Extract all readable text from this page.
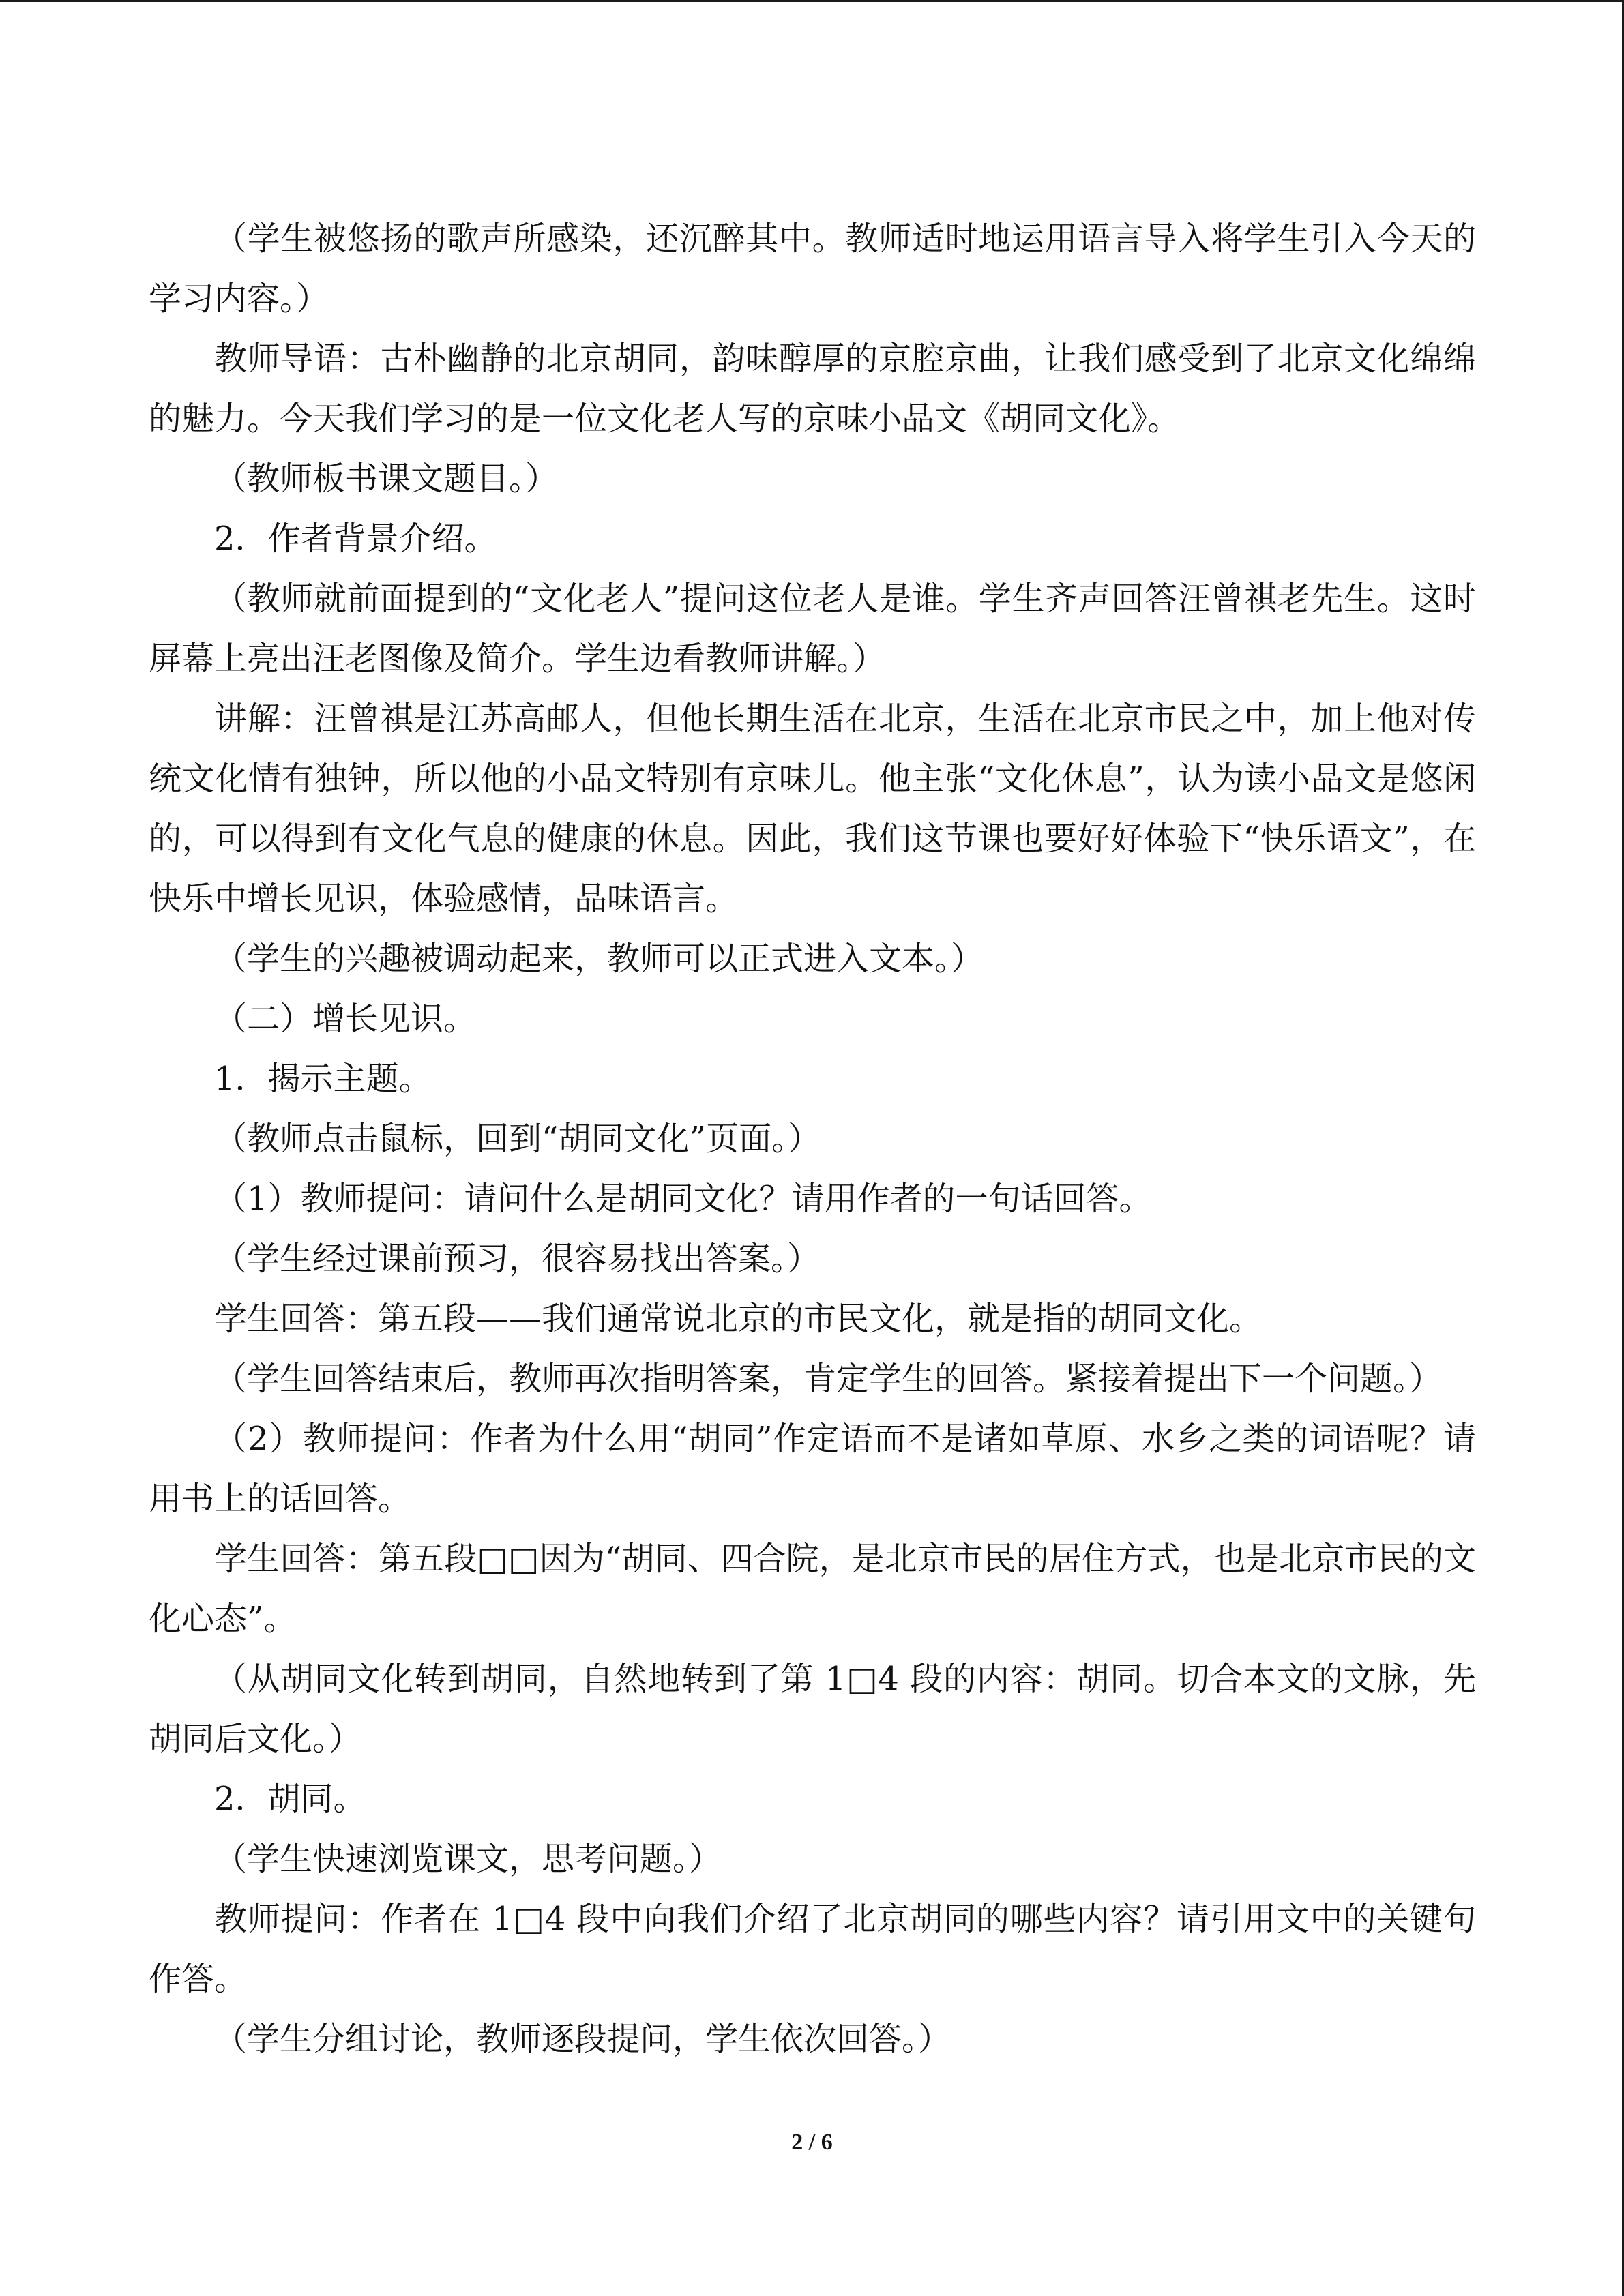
（学生被悠扬的歌声所感染，还沉醉其中。教师适时地运用语言导入将学生引入今天的学习内容。）

教师导语：古朴幽静的北京胡同，韵味醇厚的京腔京曲，让我们感受到了北京文化绵绵的魅力。今天我们学习的是一位文化老人写的京味小品文《胡同文化》。

（教师板书课文题目。）

2．作者背景介绍。

（教师就前面提到的“文化老人”提问这位老人是谁。学生齐声回答汪曾祺老先生。这时屏幕上亮出汪老图像及简介。学生边看教师讲解。）

讲解：汪曾祺是江苏高邮人，但他长期生活在北京，生活在北京市民之中，加上他对传统文化情有独钟，所以他的小品文特别有京味儿。他主张“文化休息”，认为读小品文是悠闲的，可以得到有文化气息的健康的休息。因此，我们这节课也要好好体验下“快乐语文”，在快乐中增长见识，体验感情，品味语言。

（学生的兴趣被调动起来，教师可以正式进入文本。）

（二）增长见识。

1．揭示主题。

（教师点击鼠标，回到“胡同文化”页面。）

（1）教师提问：请问什么是胡同文化？请用作者的一句话回答。

（学生经过课前预习，很容易找出答案。）

学生回答：第五段——我们通常说北京的市民文化，就是指的胡同文化。

（学生回答结束后，教师再次指明答案，肯定学生的回答。紧接着提出下一个问题。）

（2）教师提问：作者为什么用“胡同”作定语而不是诸如草原、水乡之类的词语呢？请用书上的话回答。

学生回答：第五段□□因为“胡同、四合院，是北京市民的居住方式，也是北京市民的文化心态”。

（从胡同文化转到胡同，自然地转到了第 1□4 段的内容：胡同。切合本文的文脉，先胡同后文化。）

2．胡同。

（学生快速浏览课文，思考问题。）

教师提问：作者在 1□4 段中向我们介绍了北京胡同的哪些内容？请引用文中的关键句作答。

（学生分组讨论，教师逐段提问，学生依次回答。）

2 / 6
